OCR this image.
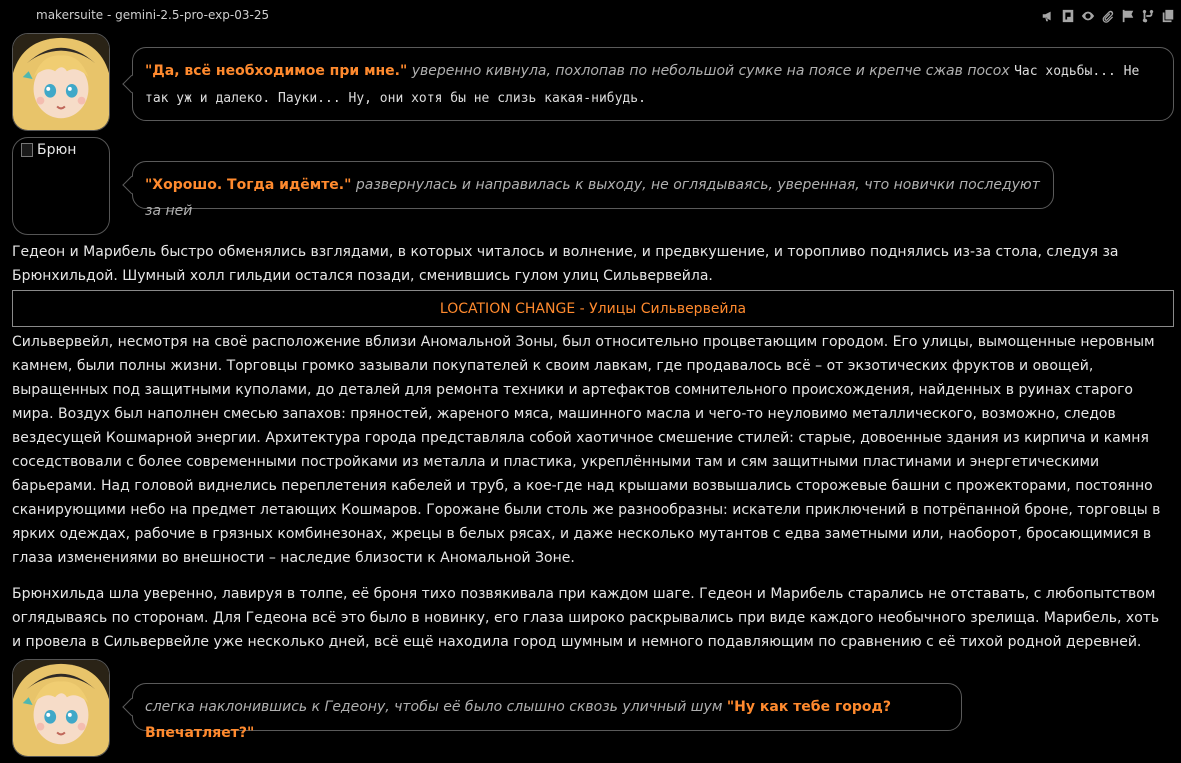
makersuite - gemini-2.5-pro-exp-03-25
"Да, всё необходимое при мне." уверенно кивнула, похлопав по небольшой сумке на поясе и крепче сжав посох Час ходьбы... Не так уж и далеко. Пауки... Ну, они хотя бы не слизь какая-нибудь.
Брюн
"Хорошо. Тогда идёмте." развернулась и направилась к выходу, не оглядываясь, уверенная, что новички последуют за ней
Гедеон и Марибель быстро обменялись взглядами, в которых читалось и волнение, и предвкушение, и торопливо поднялись из-за стола, следуя за Брюнхильдой. Шумный холл гильдии остался позади, сменившись гулом улиц Сильвервейла.
LOCATION CHANGE - Улицы Сильвервейла
Сильвервейл, несмотря на своё расположение вблизи Аномальной Зоны, был относительно процветающим городом. Его улицы, вымощенные неровным камнем, были полны жизни. Торговцы громко зазывали покупателей к своим лавкам, где продавалось всё – от экзотических фруктов и овощей, выращенных под защитными куполами, до деталей для ремонта техники и артефактов сомнительного происхождения, найденных в руинах старого мира. Воздух был наполнен смесью запахов: пряностей, жареного мяса, машинного масла и чего-то неуловимо металлического, возможно, следов вездесущей Кошмарной энергии. Архитектура города представляла собой хаотичное смешение стилей: старые, довоенные здания из кирпича и камня соседствовали с более современными постройками из металла и пластика, укреплёнными там и сям защитными пластинами и энергетическими барьерами. Над головой виднелись переплетения кабелей и труб, а кое-где над крышами возвышались сторожевые башни с прожекторами, постоянно сканирующими небо на предмет летающих Кошмаров. Горожане были столь же разнообразны: искатели приключений в потрёпанной броне, торговцы в ярких одеждах, рабочие в грязных комбинезонах, жрецы в белых рясах, и даже несколько мутантов с едва заметными или, наоборот, бросающимися в глаза изменениями во внешности – наследие близости к Аномальной Зоне.
Брюнхильда шла уверенно, лавируя в толпе, её броня тихо позвякивала при каждом шаге. Гедеон и Марибель старались не отставать, с любопытством оглядываясь по сторонам. Для Гедеона всё это было в новинку, его глаза широко раскрывались при виде каждого необычного зрелища. Марибель, хоть и провела в Сильвервейле уже несколько дней, всё ещё находила город шумным и немного подавляющим по сравнению с её тихой родной деревней.
слегка наклонившись к Гедеону, чтобы её было слышно сквозь уличный шум "Ну как тебе город? Впечатляет?"
